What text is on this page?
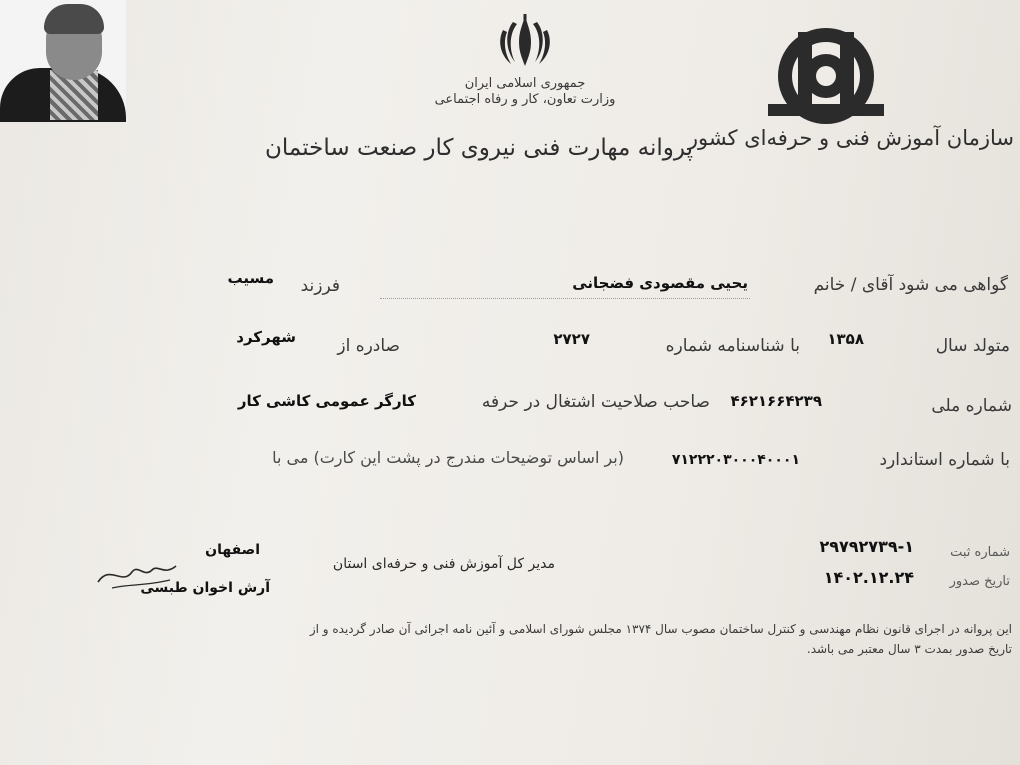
جمهوری اسلامی ایران
وزارت تعاون، کار و رفاه اجتماعی
پروانه مهارت فنی نیروی کار صنعت ساختمان
سازمان آموزش فنی و حرفه‌ای کشور
گواهی می شود آقای / خانم
یحیی مقصودی فضجانی
فرزند
مسیب
متولد سال
۱۳۵۸
با شناسنامه شماره
۲۷۲۷
صادره از
شهرکرد
شماره ملی
۴۶۲۱۶۶۴۲۳۹
صاحب صلاحیت اشتغال در حرفه
کارگر عمومی کاشی کار
با شماره استاندارد
۷۱۲۲۲۰۳۰۰۰۴۰۰۰۱
(بر اساس توضیحات مندرج در پشت این کارت) می با
شماره ثبت
۲۹۷۹۲۷۳۹-۱
تاریخ صدور
۱۴۰۲.۱۲.۲۴
مدیر کل آموزش فنی و حرفه‌ای استان
اصفهان
آرش اخوان طبسی
این پروانه در اجرای قانون نظام مهندسی و کنترل ساختمان مصوب سال ۱۳۷۴ مجلس شورای اسلامی و آئین نامه اجرائی آن صادر گردیده و از
تاریخ صدور بمدت ۳ سال معتبر می باشد.
